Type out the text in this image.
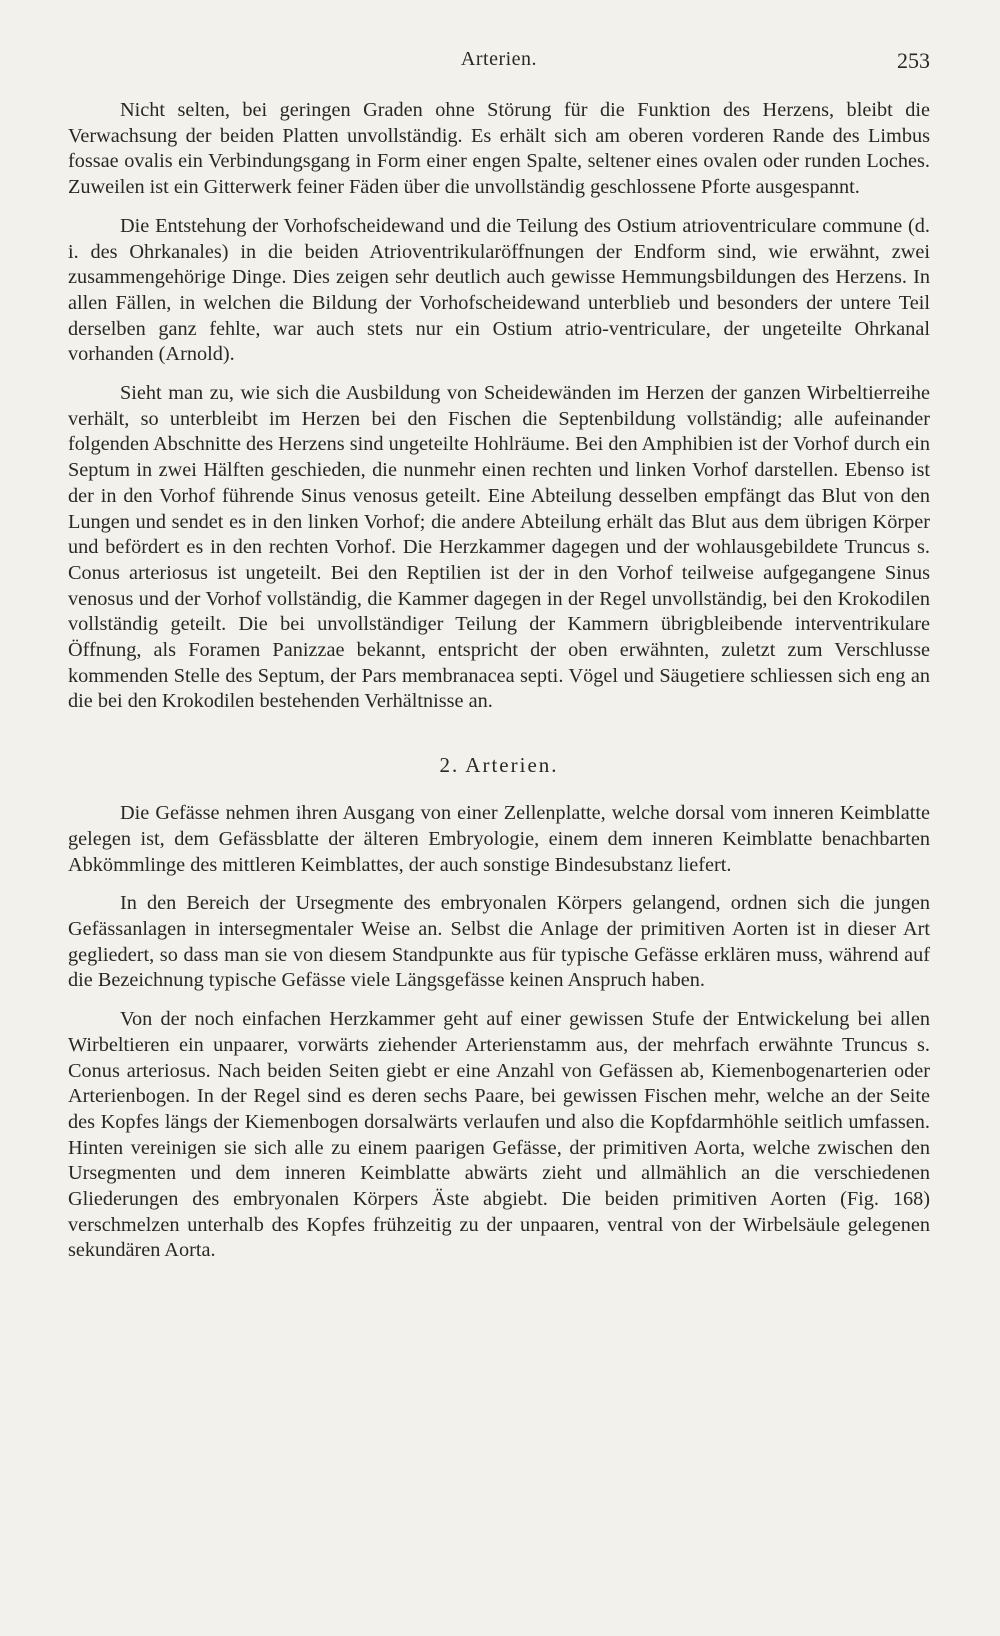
Arterien.	253

Nicht selten, bei geringen Graden ohne Störung für die Funktion des Herzens, bleibt die Verwachsung der beiden Platten unvollständig. Es erhält sich am oberen vorderen Rande des Limbus fossae ovalis ein Verbindungsgang in Form einer engen Spalte, seltener eines ovalen oder runden Loches. Zuweilen ist ein Gitterwerk feiner Fäden über die unvollständig geschlossene Pforte ausgespannt.

Die Entstehung der Vorhofscheidewand und die Teilung des Ostium atrioventriculare commune (d. i. des Ohrkanales) in die beiden Atrioventrikularöffnungen der Endform sind, wie erwähnt, zwei zusammengehörige Dinge. Dies zeigen sehr deutlich auch gewisse Hemmungsbildungen des Herzens. In allen Fällen, in welchen die Bildung der Vorhofscheidewand unterblieb und besonders der untere Teil derselben ganz fehlte, war auch stets nur ein Ostium atrio-ventriculare, der ungeteilte Ohrkanal vorhanden (Arnold).

Sieht man zu, wie sich die Ausbildung von Scheidewänden im Herzen der ganzen Wirbeltierreihe verhält, so unterbleibt im Herzen bei den Fischen die Septenbildung vollständig; alle aufeinander folgenden Abschnitte des Herzens sind ungeteilte Hohlräume. Bei den Amphibien ist der Vorhof durch ein Septum in zwei Hälften geschieden, die nunmehr einen rechten und linken Vorhof darstellen. Ebenso ist der in den Vorhof führende Sinus venosus geteilt. Eine Abteilung desselben empfängt das Blut von den Lungen und sendet es in den linken Vorhof; die andere Abteilung erhält das Blut aus dem übrigen Körper und befördert es in den rechten Vorhof. Die Herzkammer dagegen und der wohlausgebildete Truncus s. Conus arteriosus ist ungeteilt. Bei den Reptilien ist der in den Vorhof teilweise aufgegangene Sinus venosus und der Vorhof vollständig, die Kammer dagegen in der Regel unvollständig, bei den Krokodilen vollständig geteilt. Die bei unvollständiger Teilung der Kammern übrigbleibende interventrikulare Öffnung, als Foramen Panizzae bekannt, entspricht der oben erwähnten, zuletzt zum Verschlusse kommenden Stelle des Septum, der Pars membranacea septi. Vögel und Säugetiere schliessen sich eng an die bei den Krokodilen bestehenden Verhältnisse an.

2. Arterien.

Die Gefässe nehmen ihren Ausgang von einer Zellenplatte, welche dorsal vom inneren Keimblatte gelegen ist, dem Gefässblatte der älteren Embryologie, einem dem inneren Keimblatte benachbarten Abkömmlinge des mittleren Keimblattes, der auch sonstige Bindesubstanz liefert.

In den Bereich der Ursegmente des embryonalen Körpers gelangend, ordnen sich die jungen Gefässanlagen in intersegmentaler Weise an. Selbst die Anlage der primitiven Aorten ist in dieser Art gegliedert, so dass man sie von diesem Standpunkte aus für typische Gefässe erklären muss, während auf die Bezeichnung typische Gefässe viele Längsgefässe keinen Anspruch haben.

Von der noch einfachen Herzkammer geht auf einer gewissen Stufe der Entwickelung bei allen Wirbeltieren ein unpaarer, vorwärts ziehender Arterienstamm aus, der mehrfach erwähnte Truncus s. Conus arteriosus. Nach beiden Seiten giebt er eine Anzahl von Gefässen ab, Kiemenbogenarterien oder Arterienbogen. In der Regel sind es deren sechs Paare, bei gewissen Fischen mehr, welche an der Seite des Kopfes längs der Kiemenbogen dorsalwärts verlaufen und also die Kopfdarmhöhle seitlich umfassen. Hinten vereinigen sie sich alle zu einem paarigen Gefässe, der primitiven Aorta, welche zwischen den Ursegmenten und dem inneren Keimblatte abwärts zieht und allmählich an die verschiedenen Gliederungen des embryonalen Körpers Äste abgiebt. Die beiden primitiven Aorten (Fig. 168) verschmelzen unterhalb des Kopfes frühzeitig zu der unpaaren, ventral von der Wirbelsäule gelegenen sekundären Aorta.
